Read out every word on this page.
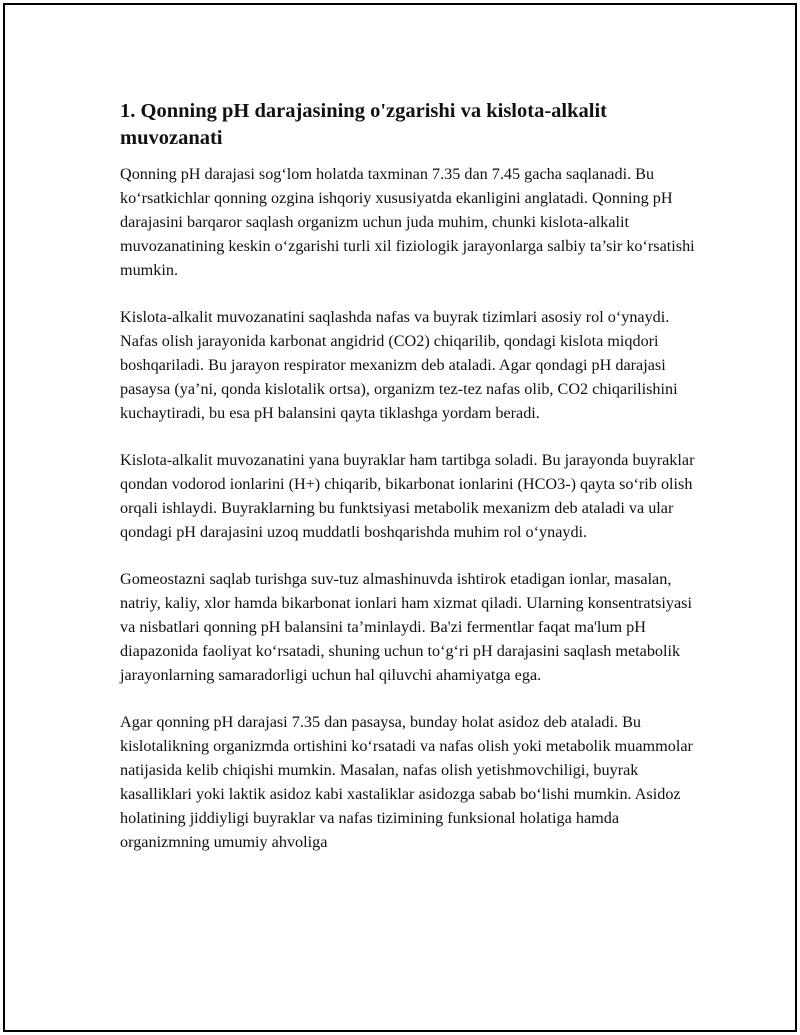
1. Qonning pH darajasining o'zgarishi va kislota-alkalit muvozanati

Qonning pH darajasi sog‘lom holatda taxminan 7.35 dan 7.45 gacha saqlanadi. Bu ko‘rsatkichlar qonning ozgina ishqoriy xususiyatda ekanligini anglatadi. Qonning pH darajasini barqaror saqlash organizm uchun juda muhim, chunki kislota-alkalit muvozanatining keskin o‘zgarishi turli xil fiziologik jarayonlarga salbiy ta’sir ko‘rsatishi mumkin.

Kislota-alkalit muvozanatini saqlashda nafas va buyrak tizimlari asosiy rol o‘ynaydi. Nafas olish jarayonida karbonat angidrid (CO2) chiqarilib, qondagi kislota miqdori boshqariladi. Bu jarayon respirator mexanizm deb ataladi. Agar qondagi pH darajasi pasaysa (ya’ni, qonda kislotalik ortsa), organizm tez-tez nafas olib, CO2 chiqarilishini kuchaytiradi, bu esa pH balansini qayta tiklashga yordam beradi.

Kislota-alkalit muvozanatini yana buyraklar ham tartibga soladi. Bu jarayonda buyraklar qondan vodorod ionlarini (H+) chiqarib, bikarbonat ionlarini (HCO3-) qayta so‘rib olish orqali ishlaydi. Buyraklarning bu funktsiyasi metabolik mexanizm deb ataladi va ular qondagi pH darajasini uzoq muddatli boshqarishda muhim rol o‘ynaydi.

Gomeostazni saqlab turishga suv-tuz almashinuvda ishtirok etadigan ionlar, masalan, natriy, kaliy, xlor hamda bikarbonat ionlari ham xizmat qiladi. Ularning konsentratsiyasi va nisbatlari qonning pH balansini ta’minlaydi. Ba'zi fermentlar faqat ma'lum pH diapazonida faoliyat ko‘rsatadi, shuning uchun to‘g‘ri pH darajasini saqlash metabolik jarayonlarning samaradorligi uchun hal qiluvchi ahamiyatga ega.

Agar qonning pH darajasi 7.35 dan pasaysa, bunday holat asidoz deb ataladi. Bu kislotalikning organizmda ortishini ko‘rsatadi va nafas olish yoki metabolik muammolar natijasida kelib chiqishi mumkin. Masalan, nafas olish yetishmovchiligi, buyrak kasalliklari yoki laktik asidoz kabi xastaliklar asidozga sabab bo‘lishi mumkin. Asidoz holatining jiddiyligi buyraklar va nafas tizimining funksional holatiga hamda organizmning umumiy ahvoliga
